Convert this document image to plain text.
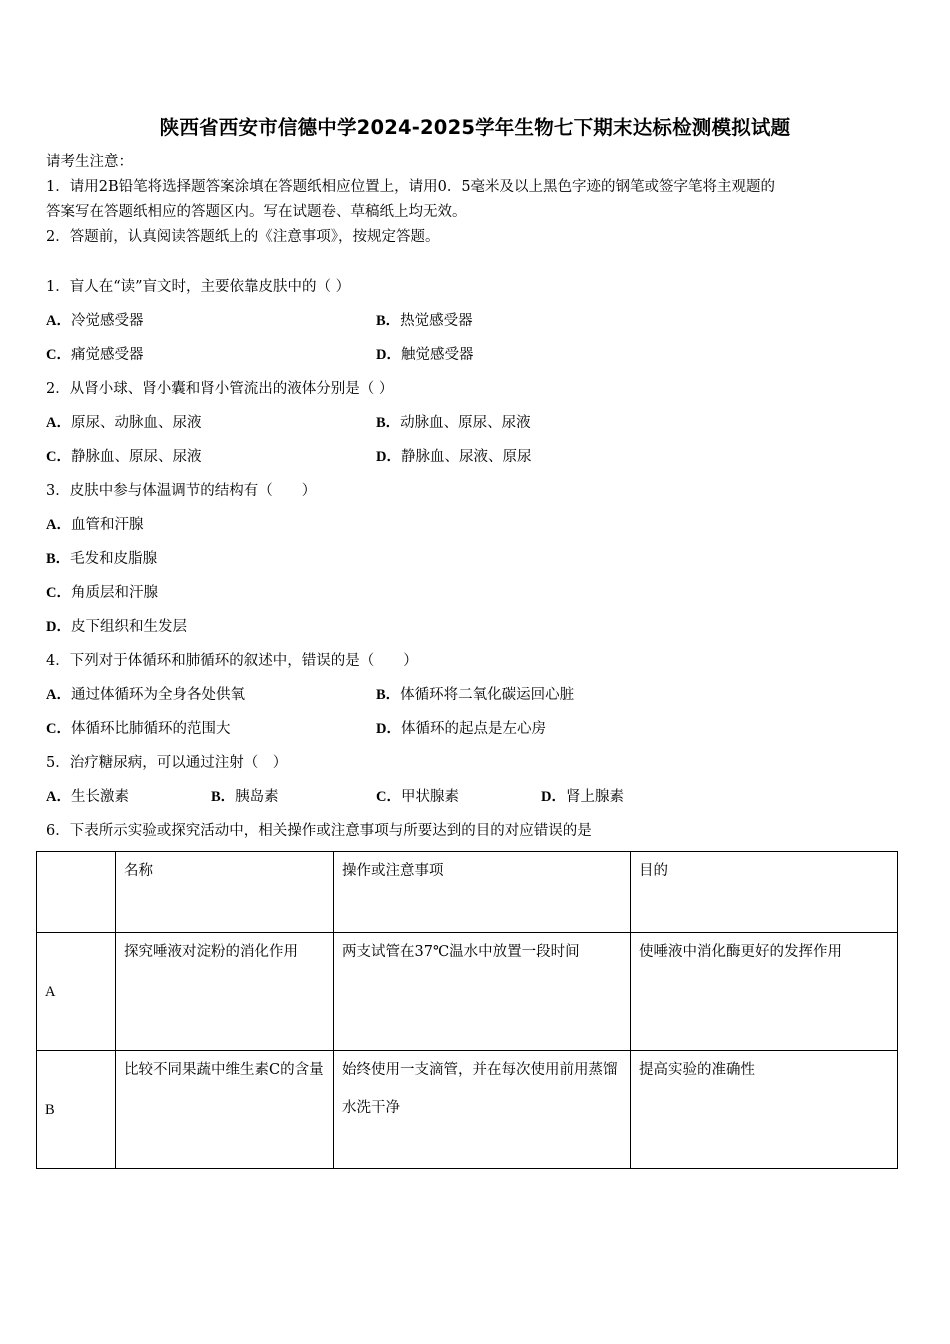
陕西省西安市信德中学2024-2025学年生物七下期末达标检测模拟试题
请考生注意：
1．请用2B铅笔将选择题答案涂填在答题纸相应位置上，请用0．5毫米及以上黑色字迹的钢笔或签字笔将主观题的
答案写在答题纸相应的答题区内。写在试题卷、草稿纸上均无效。
2．答题前，认真阅读答题纸上的《注意事项》，按规定答题。
1．盲人在“读”盲文时，主要依靠皮肤中的（ ）
A．冷觉感受器	B．热觉感受器
C．痛觉感受器	D．触觉感受器
2．从肾小球、肾小囊和肾小管流出的液体分别是（ ）
A．原尿、动脉血、尿液	B．动脉血、原尿、尿液
C．静脉血、原尿、尿液	D．静脉血、尿液、原尿
3．皮肤中参与体温调节的结构有（　　）
A．血管和汗腺
B．毛发和皮脂腺
C．角质层和汗腺
D．皮下组织和生发层
4．下列对于体循环和肺循环的叙述中，错误的是（　　）
A．通过体循环为全身各处供氧	B．体循环将二氧化碳运回心脏
C．体循环比肺循环的范围大	D．体循环的起点是左心房
5．治疗糖尿病，可以通过注射（　）
A．生长激素	B．胰岛素	C．甲状腺素	D．肾上腺素
6．下表所示实验或探究活动中，相关操作或注意事项与所要达到的目的对应错误的是
	名称	操作或注意事项	目的
A	探究唾液对淀粉的消化作用	两支试管在37℃温水中放置一段时间	使唾液中消化酶更好的发挥作用
B	比较不同果蔬中维生素C的含量	始终使用一支滴管，并在每次使用前用蒸馏水洗干净	提高实验的准确性
